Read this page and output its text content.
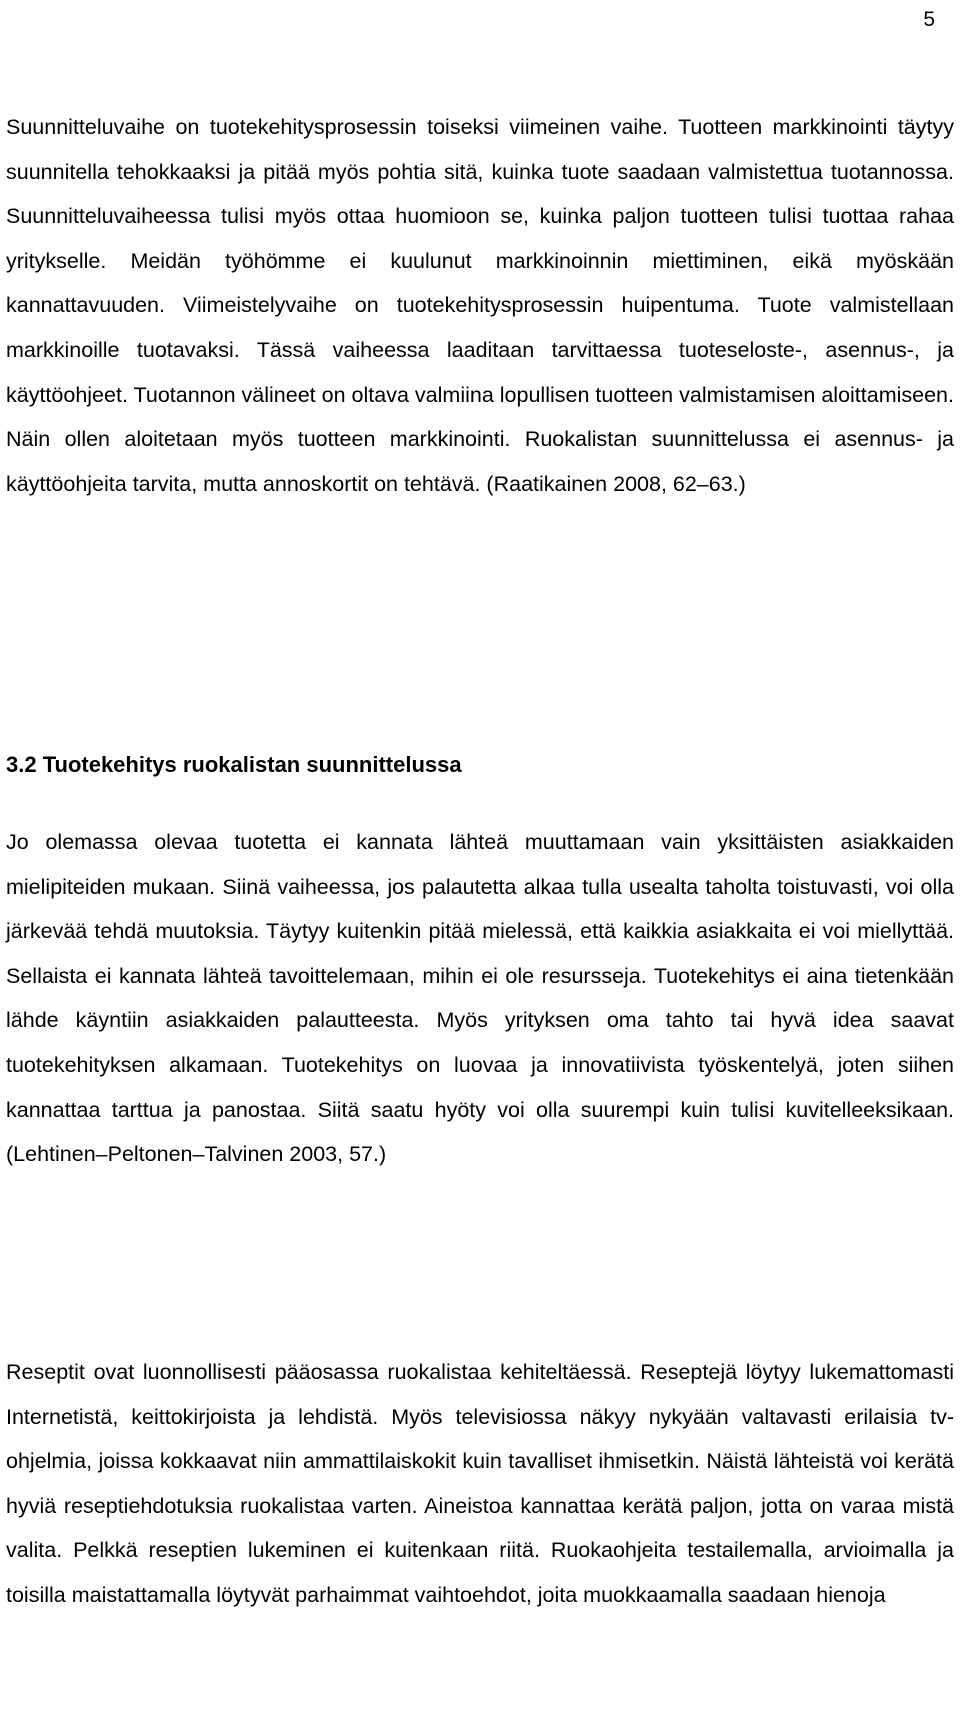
5

Suunnitteluvaihe on tuotekehitysprosessin toiseksi viimeinen vaihe. Tuotteen markkinointi täytyy suunnitella tehokkaaksi ja pitää myös pohtia sitä, kuinka tuote saadaan valmistettua tuotannossa. Suunnitteluvaiheessa tulisi myös ottaa huomioon se, kuinka paljon tuotteen tulisi tuottaa rahaa yritykselle. Meidän työhömme ei kuulunut markkinoinnin miettiminen, eikä myöskään kannattavuuden. Viimeistelyvaihe on tuotekehitysprosessin huipentuma. Tuote valmistellaan markkinoille tuotavaksi. Tässä vaiheessa laaditaan tarvittaessa tuoteseloste-, asennus-, ja käyttöohjeet. Tuotannon välineet on oltava valmiina lopullisen tuotteen valmistamisen aloittamiseen. Näin ollen aloitetaan myös tuotteen markkinointi. Ruokalistan suunnittelussa ei asennus- ja käyttöohjeita tarvita, mutta annoskortit on tehtävä. (Raatikainen 2008, 62–63.)

3.2 Tuotekehitys ruokalistan suunnittelussa

Jo olemassa olevaa tuotetta ei kannata lähteä muuttamaan vain yksittäisten asiakkaiden mielipiteiden mukaan. Siinä vaiheessa, jos palautetta alkaa tulla usealta taholta toistuvasti, voi olla järkevää tehdä muutoksia. Täytyy kuitenkin pitää mielessä, että kaikkia asiakkaita ei voi miellyttää. Sellaista ei kannata lähteä tavoittelemaan, mihin ei ole resursseja. Tuotekehitys ei aina tietenkään lähde käyntiin asiakkaiden palautteesta. Myös yrityksen oma tahto tai hyvä idea saavat tuotekehityksen alkamaan. Tuotekehitys on luovaa ja innovatiivista työskentelyä, joten siihen kannattaa tarttua ja panostaa. Siitä saatu hyöty voi olla suurempi kuin tulisi kuvitelleeksikaan. (Lehtinen–Peltonen–Talvinen 2003, 57.)

Reseptit ovat luonnollisesti pääosassa ruokalistaa kehiteltäessä. Reseptejä löytyy lukemattomasti Internetistä, keittokirjoista ja lehdistä. Myös televisiossa näkyy nykyään valtavasti erilaisia tv-ohjelmia, joissa kokkaavat niin ammattilaiskokit kuin tavalliset ihmisetkin. Näistä lähteistä voi kerätä hyviä reseptiehdotuksia ruokalistaa varten. Aineistoa kannattaa kerätä paljon, jotta on varaa mistä valita. Pelkkä reseptien lukeminen ei kuitenkaan riitä. Ruokaohjeita testailemalla, arvioimalla ja toisilla maistattamalla löytyvät parhaimmat vaihtoehdot, joita muokkaamalla saadaan hienoja
